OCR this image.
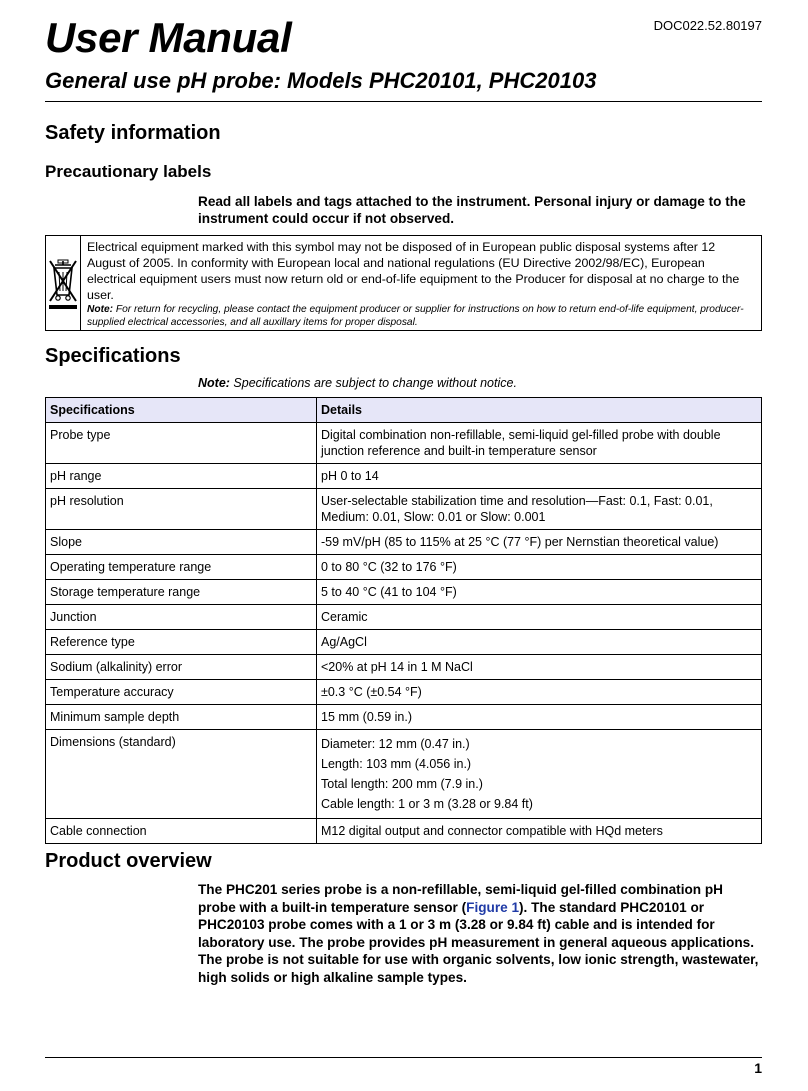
DOC022.52.80197
User Manual
General use pH probe: Models PHC20101, PHC20103
Safety information
Precautionary labels
Read all labels and tags attached to the instrument. Personal injury or damage to the instrument could occur if not observed.
Electrical equipment marked with this symbol may not be disposed of in European public disposal systems after 12 August of 2005. In conformity with European local and national regulations (EU Directive 2002/98/EC), European electrical equipment users must now return old or end-of-life equipment to the Producer for disposal at no charge to the user.
Note: For return for recycling, please contact the equipment producer or supplier for instructions on how to return end-of-life equipment, producer-supplied electrical accessories, and all auxillary items for proper disposal.
Specifications
Note: Specifications are subject to change without notice.
Specifications	Details
Probe type	Digital combination non-refillable, semi-liquid gel-filled probe with double junction reference and built-in temperature sensor
pH range	pH 0 to 14
pH resolution	User-selectable stabilization time and resolution—Fast: 0.1, Fast: 0.01, Medium: 0.01, Slow: 0.01 or Slow: 0.001
Slope	-59 mV/pH (85 to 115% at 25 °C (77 °F) per Nernstian theoretical value)
Operating temperature range	0 to 80 °C (32 to 176 °F)
Storage temperature range	5 to 40 °C (41 to 104 °F)
Junction	Ceramic
Reference type	Ag/AgCl
Sodium (alkalinity) error	<20% at pH 14 in 1 M NaCl
Temperature accuracy	±0.3 °C (±0.54 °F)
Minimum sample depth	15 mm (0.59 in.)
Dimensions (standard)	Diameter: 12 mm (0.47 in.)
Length: 103 mm (4.056 in.)
Total length: 200 mm (7.9 in.)
Cable length: 1 or 3 m (3.28 or 9.84 ft)

Cable connection	M12 digital output and connector compatible with HQd meters
Product overview
The PHC201 series probe is a non-refillable, semi-liquid gel-filled combination pH probe with a built-in temperature sensor (Figure 1). The standard PHC20101 or PHC20103 probe comes with a 1 or 3 m (3.28 or 9.84 ft) cable and is intended for laboratory use. The probe provides pH measurement in general aqueous applications. The probe is not suitable for use with organic solvents, low ionic strength, wastewater, high solids or high alkaline sample types.
1
